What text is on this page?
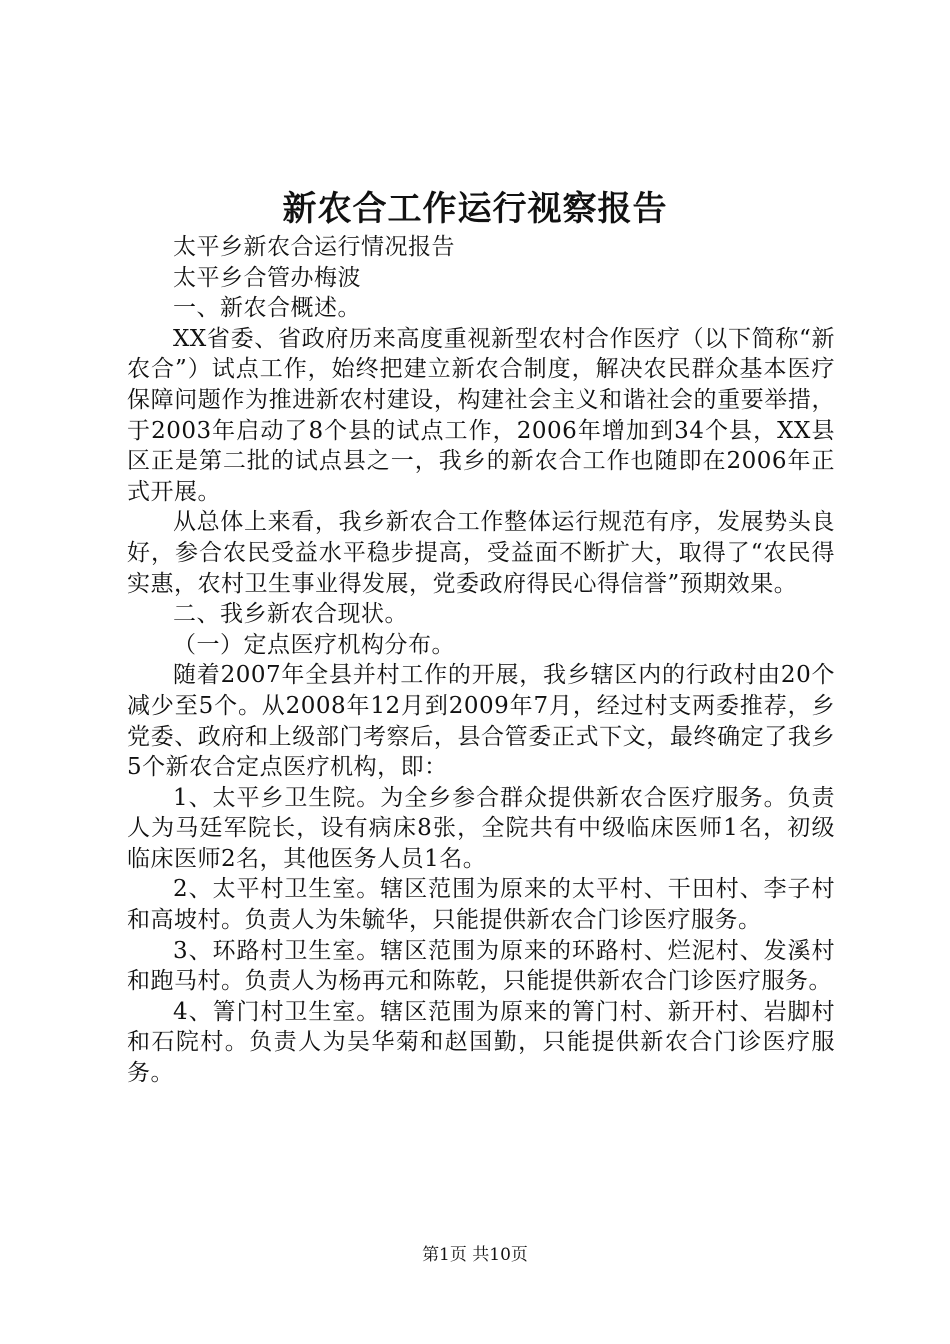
新农合工作运行视察报告

太平乡新农合运行情况报告

太平乡合管办梅波

一、新农合概述。

XX省委、省政府历来高度重视新型农村合作医疗（以下简称“新农合”）试点工作，始终把建立新农合制度，解决农民群众基本医疗保障问题作为推进新农村建设，构建社会主义和谐社会的重要举措，于2003年启动了8个县的试点工作，2006年增加到34个县，XX县区正是第二批的试点县之一，我乡的新农合工作也随即在2006年正式开展。

从总体上来看，我乡新农合工作整体运行规范有序，发展势头良好，参合农民受益水平稳步提高，受益面不断扩大，取得了“农民得实惠，农村卫生事业得发展，党委政府得民心得信誉”预期效果。

二、我乡新农合现状。

（一）定点医疗机构分布。

随着2007年全县并村工作的开展，我乡辖区内的行政村由20个减少至5个。从2008年12月到2009年7月，经过村支两委推荐，乡党委、政府和上级部门考察后，县合管委正式下文，最终确定了我乡5个新农合定点医疗机构，即：

1、太平乡卫生院。为全乡参合群众提供新农合医疗服务。负责人为马廷军院长，设有病床8张，全院共有中级临床医师1名，初级临床医师2名，其他医务人员1名。

2、太平村卫生室。辖区范围为原来的太平村、干田村、李子村和高坡村。负责人为朱毓华，只能提供新农合门诊医疗服务。

3、环路村卫生室。辖区范围为原来的环路村、烂泥村、发溪村和跑马村。负责人为杨再元和陈乾，只能提供新农合门诊医疗服务。

4、箐门村卫生室。辖区范围为原来的箐门村、新开村、岩脚村和石院村。负责人为吴华菊和赵国勤，只能提供新农合门诊医疗服务。

第1页 共10页
